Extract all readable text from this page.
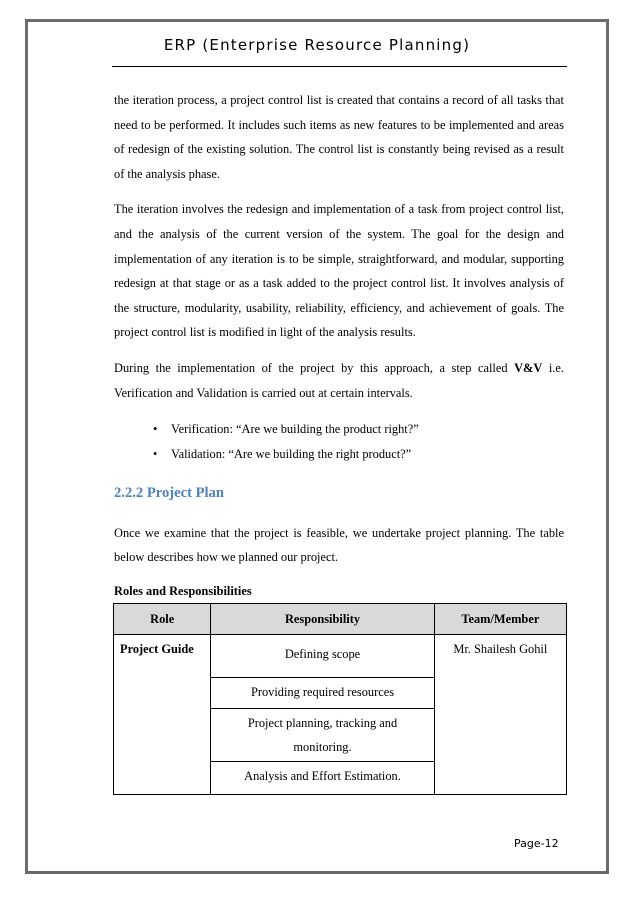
ERP (Enterprise Resource Planning)

the iteration process, a project control list is created that contains a record of all tasks that need to be performed. It includes such items as new features to be implemented and areas of redesign of the existing solution. The control list is constantly being revised as a result of the analysis phase.

The iteration involves the redesign and implementation of a task from project control list, and the analysis of the current version of the system. The goal for the design and implementation of any iteration is to be simple, straightforward, and modular, supporting redesign at that stage or as a task added to the project control list. It involves analysis of the structure, modularity, usability, reliability, efficiency, and achievement of goals. The project control list is modified in light of the analysis results.

During the implementation of the project by this approach, a step called V&V i.e. Verification and Validation is carried out at certain intervals.

• Verification: “Are we building the product right?”
• Validation: “Are we building the right product?”

2.2.2 Project Plan

Once we examine that the project is feasible, we undertake project planning. The table below describes how we planned our project.

Roles and Responsibilities

Role	Responsibility	Team/Member
Project Guide	Defining scope	Mr. Shailesh Gohil

	Providing required resources	

	Project planning, tracking and
monitoring.	

	Analysis and Effort Estimation.	
Page-12
